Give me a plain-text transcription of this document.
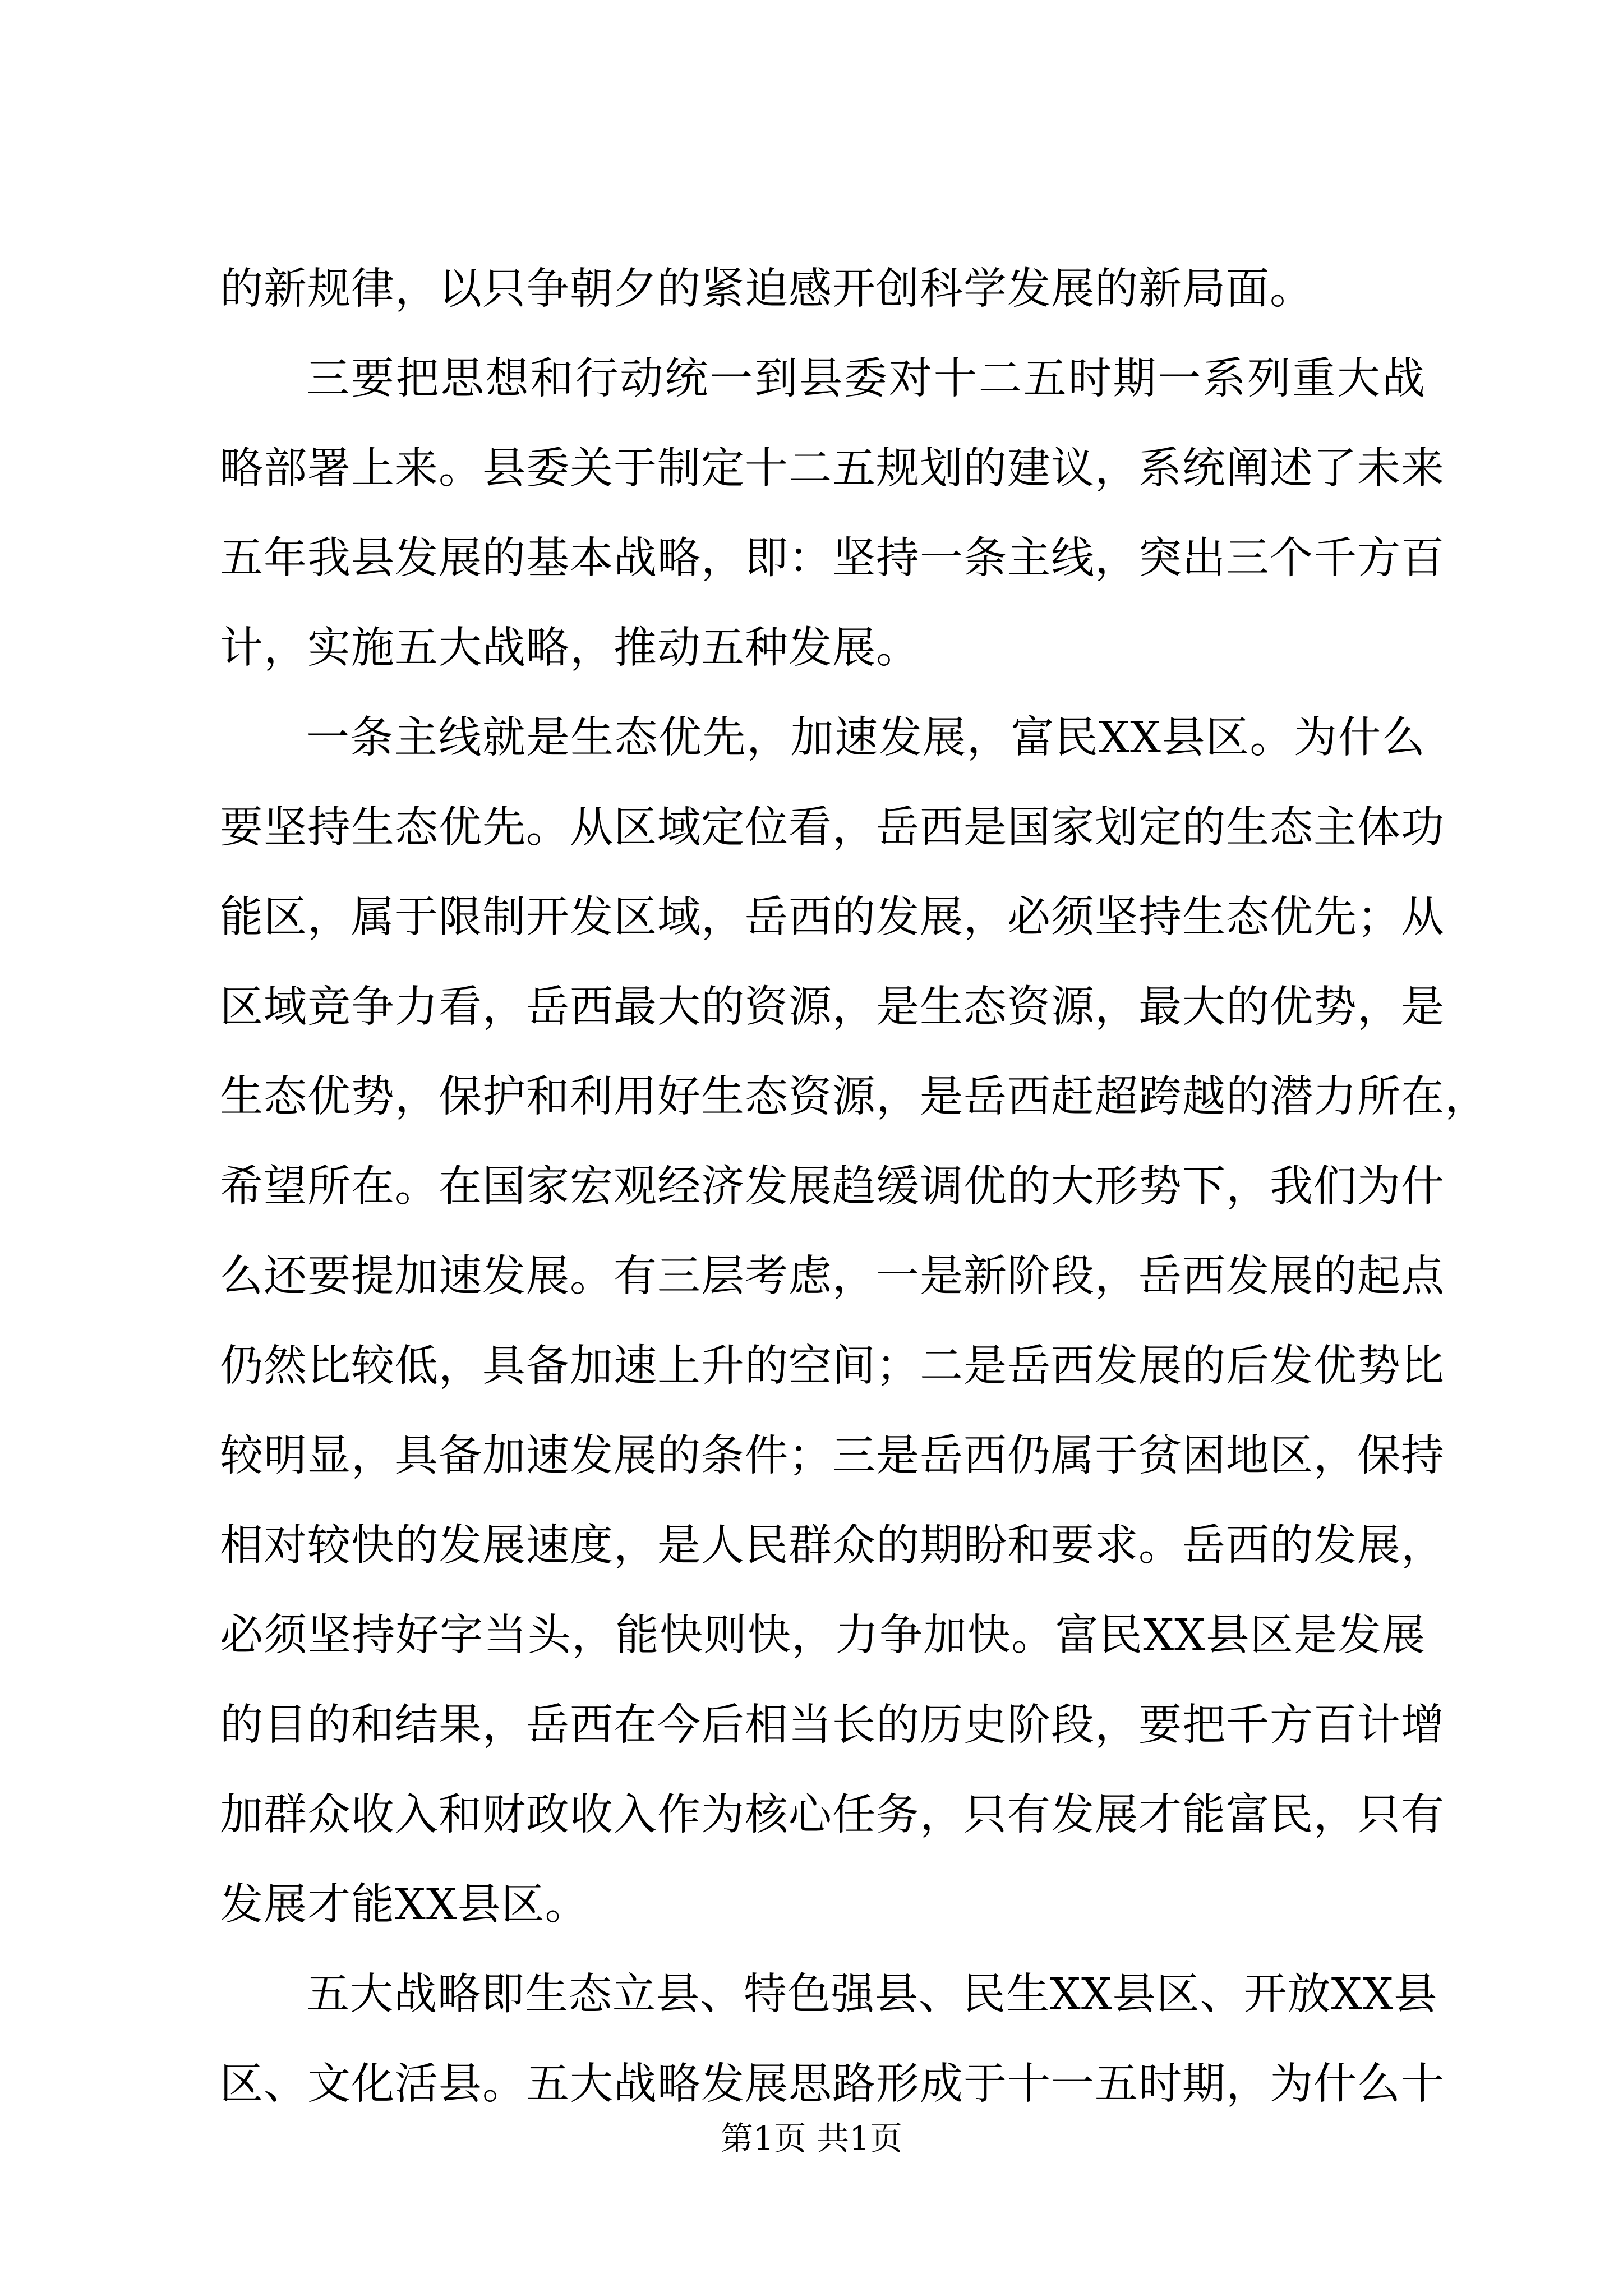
的新规律，以只争朝夕的紧迫感开创科学发展的新局面。
三要把思想和行动统一到县委对十二五时期一系列重大战
略部署上来。县委关于制定十二五规划的建议，系统阐述了未来
五年我县发展的基本战略，即：坚持一条主线，突出三个千方百
计，实施五大战略，推动五种发展。
一条主线就是生态优先，加速发展，富民XX县区。为什么
要坚持生态优先。从区域定位看，岳西是国家划定的生态主体功
能区，属于限制开发区域，岳西的发展，必须坚持生态优先；从
区域竞争力看，岳西最大的资源，是生态资源，最大的优势，是
生态优势，保护和利用好生态资源，是岳西赶超跨越的潜力所在，
希望所在。在国家宏观经济发展趋缓调优的大形势下，我们为什
么还要提加速发展。有三层考虑，一是新阶段，岳西发展的起点
仍然比较低，具备加速上升的空间；二是岳西发展的后发优势比
较明显，具备加速发展的条件；三是岳西仍属于贫困地区，保持
相对较快的发展速度，是人民群众的期盼和要求。岳西的发展，
必须坚持好字当头，能快则快，力争加快。富民XX县区是发展
的目的和结果，岳西在今后相当长的历史阶段，要把千方百计增
加群众收入和财政收入作为核心任务，只有发展才能富民，只有
发展才能XX县区。
五大战略即生态立县、特色强县、民生XX县区、开放XX县
区、文化活县。五大战略发展思路形成于十一五时期，为什么十
第1页 共1页
